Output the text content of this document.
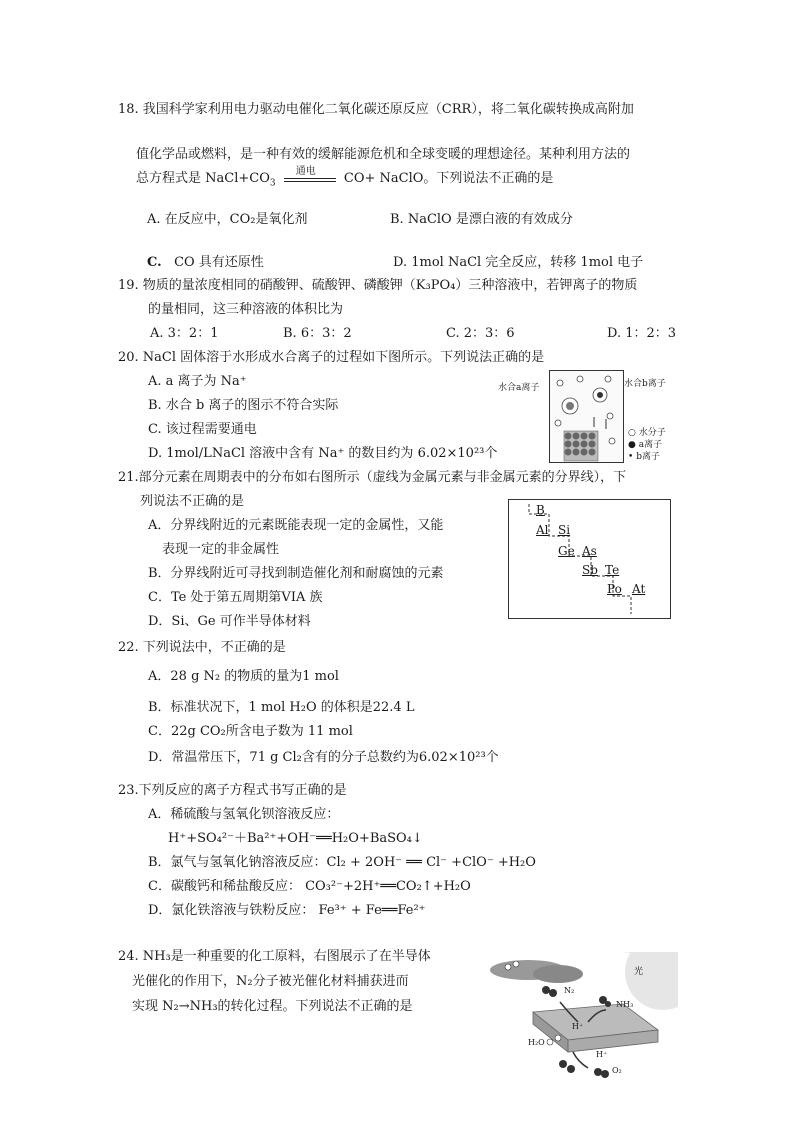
18. 我国科学家利用电力驱动电催化二氧化碳还原反应（CRR），将二氧化碳转换成高附加
值化学品或燃料，是一种有效的缓解能源危机和全球变暖的理想途径。某种利用方法的
总方程式是 $NaCl+CO_3$
通电 CO+ NaClO。下列说法不正确的是
A. 在反应中，CO₂是氧化剂	B. NaClO 是漂白液的有效成分
C. CO 具有还原性	D. 1mol NaCl 完全反应，转移 1mol 电子
19. 物质的量浓度相同的硝酸钾、硫酸钾、磷酸钾（K₃PO₄）三种溶液中，若钾离子的物质
的量相同，这三种溶液的体积比为
A. 3：2：1	B. 6：3：2	C. 2：3：6	D. 1：2：3
20. NaCl 固体溶于水形成水合离子的过程如下图所示。下列说法正确的是
A. a 离子为 Na⁺
B. 水合 b 离子的图示不符合实际
C. 该过程需要通电
D. 1mol/LNaCl 溶液中含有 Na⁺ 的数目约为 6.02×10²³个
水合a离子	水合b离子
○ 水分子
● a离子
• b离子
21.部分元素在周期表中的分布如右图所示（虚线为金属元素与非金属元素的分界线），下
列说法不正确的是
A．分界线附近的元素既能表现一定的金属性，又能
表现一定的非金属性
B．分界线附近可寻找到制造催化剂和耐腐蚀的元素
C．Te 处于第五周期第VIA 族
D．Si、Ge 可作半导体材料
B
Al Si
Ge As
Sb Te
Po At
22. 下列说法中，不正确的是
A．28 g N₂ 的物质的量为1 mol
B．标准状况下，1 mol H₂O 的体积是22.4 L
C．22g CO₂所含电子数为 11 mol
D．常温常压下，71 g Cl₂含有的分子总数约为6.02×10²³个
23.下列反应的离子方程式书写正确的是
A．稀硫酸与氢氧化钡溶液反应：
H⁺+SO₄²⁻＋Ba²⁺+OH⁻══H₂O+BaSO₄↓
B．氯气与氢氧化钠溶液反应：Cl₂ + 2OH⁻ ══ Cl⁻ +ClO⁻ +H₂O
C．碳酸钙和稀盐酸反应： CO₃²⁻+2H⁺══CO₂↑+H₂O
D．氯化铁溶液与铁粉反应： Fe³⁺ + Fe══Fe²⁺
24. NH₃是一种重要的化工原料，右图展示了在半导体
光催化的作用下，N₂分子被光催化材料捕获进而
实现 N₂→NH₃的转化过程。下列说法不正确的是
光
N₂
NH₃
H⁺
H₂O
H⁺
O₂
